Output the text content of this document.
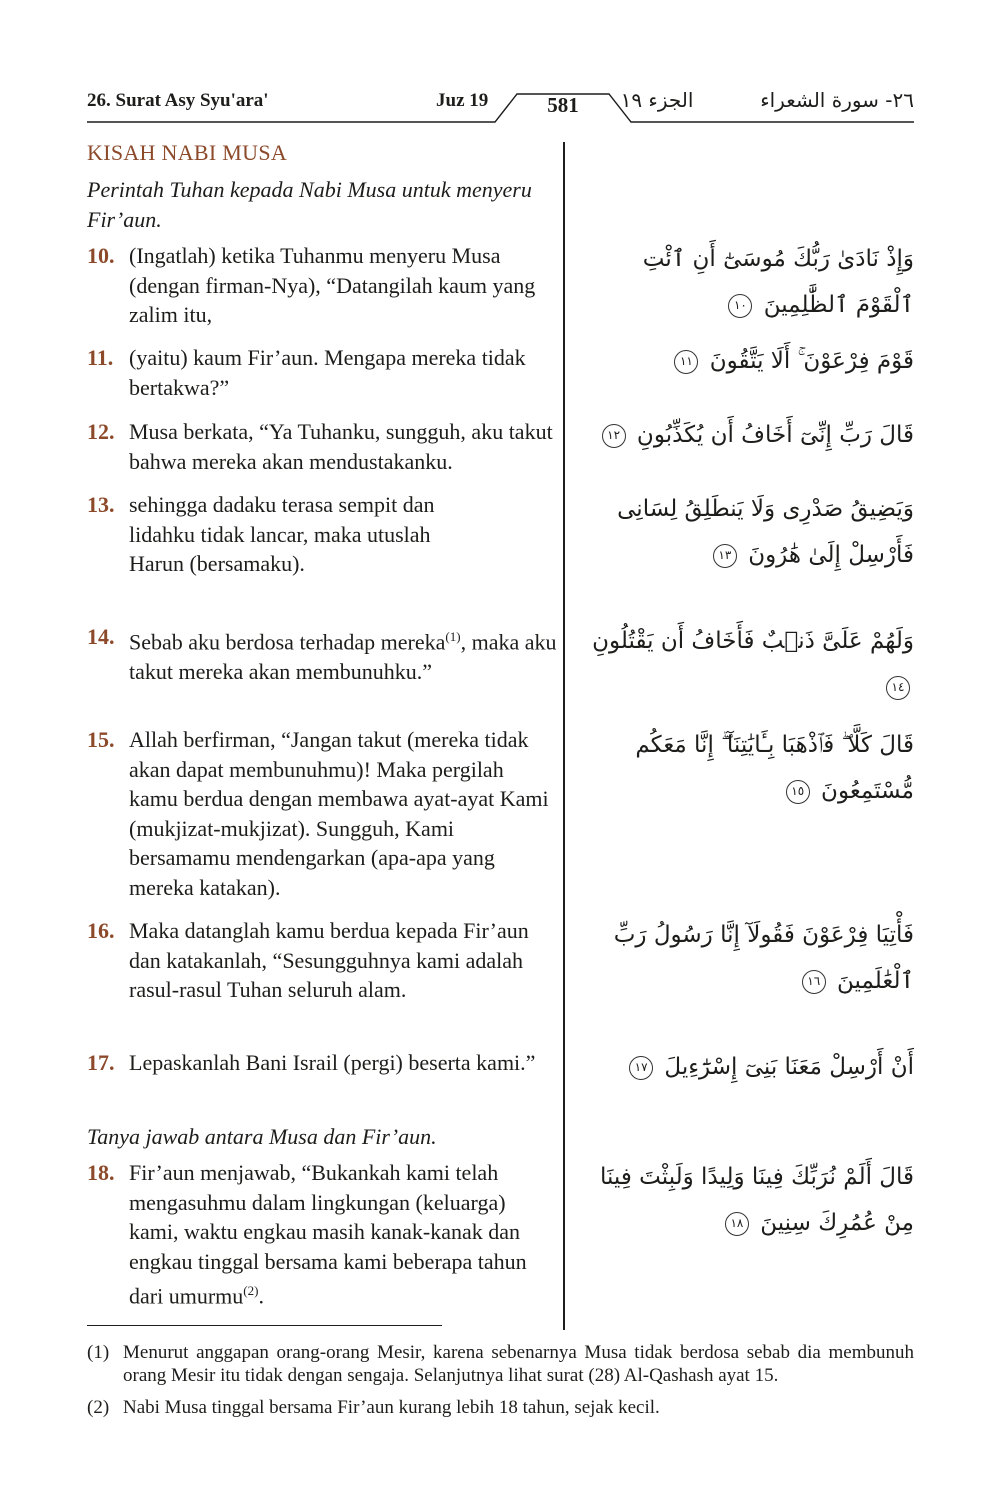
26. Surat Asy Syu'ara'	Juz 19	581	الجزء ١٩	٢٦- سورة الشعراء
KISAH NABI MUSA
Perintah Tuhan kepada Nabi Musa untuk menyeru Fir’aun.
10. (Ingatlah) ketika Tuhanmu menyeru Musa (dengan firman-Nya), “Datangilah kaum yang zalim itu,
11. (yaitu) kaum Fir’aun. Mengapa mereka tidak bertakwa?”
12. Musa berkata, “Ya Tuhanku, sungguh, aku takut bahwa mereka akan mendustakanku.
13. sehingga dadaku terasa sempit dan lidahku tidak lancar, maka utuslah Harun (bersamaku).
14. Sebab aku berdosa terhadap mereka$^{(1)}$, maka aku takut mereka akan membunuhku.”
15. Allah berfirman, “Jangan takut (mereka tidak akan dapat membunuhmu)! Maka pergilah kamu berdua dengan membawa ayat-ayat Kami (mukjizat-mukjizat). Sungguh, Kami bersamamu mendengarkan (apa-apa yang mereka katakan).
16. Maka datanglah kamu berdua kepada Fir’aun dan katakanlah, “Sesungguhnya kami adalah rasul-rasul Tuhan seluruh alam.
17. Lepaskanlah Bani Israil (pergi) beserta kami.”
Tanya jawab antara Musa dan Fir’aun.
18. Fir’aun menjawab, “Bukankah kami telah mengasuhmu dalam lingkungan (keluarga) kami, waktu engkau masih kanak-kanak dan engkau tinggal bersama kami beberapa tahun dari umurmu$^{(2)}$.
وَإِذْ نَادَىٰ رَبُّكَ مُوسَىٰٓ أَنِ ٱئْتِ ٱلْقَوْمَ ٱلظَّٰلِمِينَ ١٠
قَوْمَ فِرْعَوْنَ ۚ أَلَا يَتَّقُونَ ١١
قَالَ رَبِّ إِنِّىٓ أَخَافُ أَن يُكَذِّبُونِ ١٢
وَيَضِيقُ صَدْرِى وَلَا يَنطَلِقُ لِسَانِى فَأَرْسِلْ إِلَىٰ هَٰرُونَ ١٣
وَلَهُمْ عَلَىَّ ذَنۢبٌ فَأَخَافُ أَن يَقْتُلُونِ ١٤
قَالَ كَلَّا ۖ فَٱذْهَبَا بِـَٔايَٰتِنَآ ۖ إِنَّا مَعَكُم مُّسْتَمِعُونَ ١٥
فَأْتِيَا فِرْعَوْنَ فَقُولَآ إِنَّا رَسُولُ رَبِّ ٱلْعَٰلَمِينَ ١٦
أَنْ أَرْسِلْ مَعَنَا بَنِىٓ إِسْرَٰٓءِيلَ ١٧
قَالَ أَلَمْ نُرَبِّكَ فِينَا وَلِيدًا وَلَبِثْتَ فِينَا مِنْ عُمُرِكَ سِنِينَ ١٨
(1) Menurut anggapan orang-orang Mesir, karena sebenarnya Musa tidak berdosa sebab dia membunuh orang Mesir itu tidak dengan sengaja. Selanjutnya lihat surat (28) Al-Qashash ayat 15.
(2) Nabi Musa tinggal bersama Fir’aun kurang lebih 18 tahun, sejak kecil.
